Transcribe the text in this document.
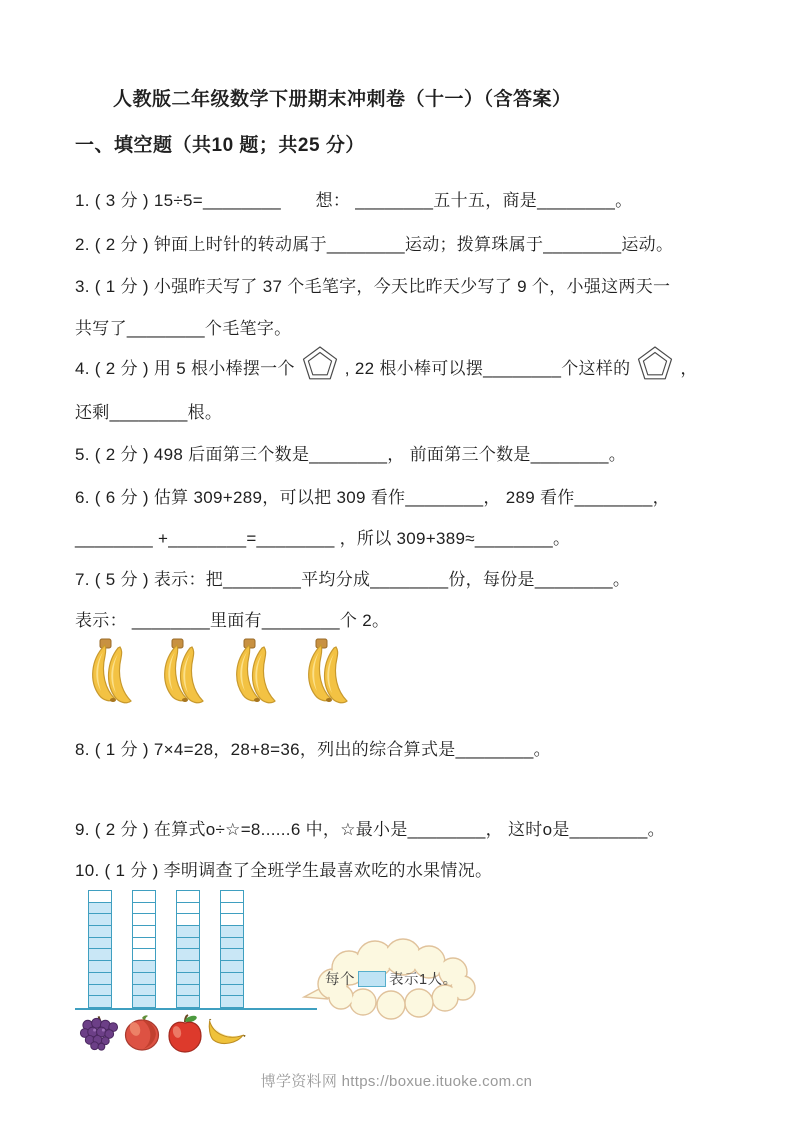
人教版二年级数学下册期末冲刺卷（十一）（含答案）
一、填空题（共10 题；共25 分）
1. ( 3 分 ) 15÷5=________　　想： ________五十五，商是________。
2. ( 2 分 ) 钟面上时针的转动属于________运动；拨算珠属于________运动。
3. ( 1 分 ) 小强昨天写了 37 个毛笔字，今天比昨天少写了 9 个，小强这两天一
共写了________个毛笔字。
4. ( 2 分 ) 用 5 根小棒摆一个	, 22 根小棒可以摆________个这样的	，
还剩________根。
5. ( 2 分 ) 498 后面第三个数是________， 前面第三个数是________。
6. ( 6 分 ) 估算 309+289，可以把 309 看作________， 289 看作________，
________ +________=________ ，所以 309+389≈________。
7. ( 5 分 ) 表示：把________平均分成________份，每份是________。
表示： ________里面有________个 2。
8. ( 1 分 ) 7×4=28，28+8=36，列出的综合算式是________。
9. ( 2 分 ) 在算式o÷☆=8......6 中，☆最小是________， 这时o是________。
10. ( 1 分 ) 李明调查了全班学生最喜欢吃的水果情况。
每个 表示1人。
博学资料网 https://boxue.ituoke.com.cn
